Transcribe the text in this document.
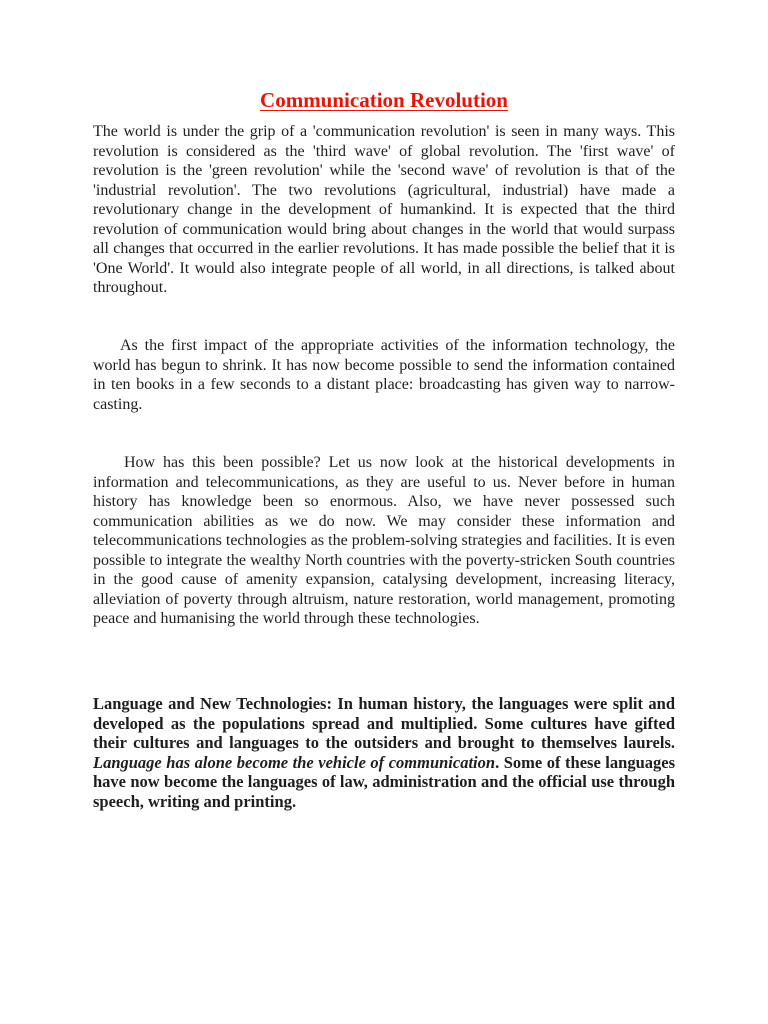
Communication Revolution

The world is under the grip of a 'communication revolution' is seen in many ways. This revolution is considered as the 'third wave' of global revolution. The 'first wave' of revolution is the 'green revolution' while the 'second wave' of revolution is that of the 'industrial revolution'. The two revolutions (agricultural, industrial) have made a revolutionary change in the development of humankind. It is expected that the third revolution of communication would bring about changes in the world that would surpass all changes that occurred in the earlier revolutions. It has made possible the belief that it is 'One World'. It would also integrate people of all world, in all directions, is talked about throughout.

As the first impact of the appropriate activities of the information technology, the world has begun to shrink. It has now become possible to send the information contained in ten books in a few seconds to a distant place: broadcasting has given way to narrow-casting.

How has this been possible? Let us now look at the historical developments in information and telecommunications, as they are useful to us. Never before in human history has knowledge been so enormous. Also, we have never possessed such communication abilities as we do now. We may consider these information and telecommunications technologies as the problem-solving strategies and facilities. It is even possible to integrate the wealthy North countries with the poverty-stricken South countries in the good cause of amenity expansion, catalysing development, increasing literacy, alleviation of poverty through altruism, nature restoration, world management, promoting peace and humanising the world through these technologies.

Language and New Technologies: In human history, the languages were split and developed as the populations spread and multiplied. Some cultures have gifted their cultures and languages to the outsiders and brought to themselves laurels. Language has alone become the vehicle of communication. Some of these languages have now become the languages of law, administration and the official use through speech, writing and printing.
